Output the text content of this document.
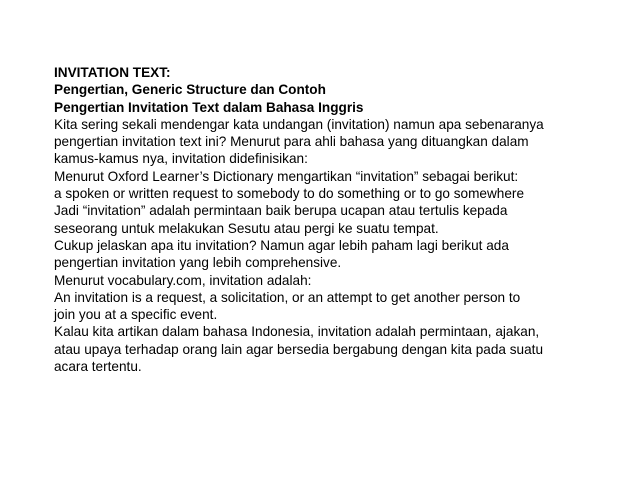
INVITATION TEXT:
Pengertian, Generic Structure dan Contoh
Pengertian Invitation Text dalam Bahasa Inggris
Kita sering sekali mendengar kata undangan (invitation) namun apa sebenaranya
pengertian invitation text ini? Menurut para ahli bahasa yang dituangkan dalam
kamus-kamus nya, invitation didefinisikan:
Menurut Oxford Learner’s Dictionary mengartikan “invitation” sebagai berikut:
a spoken or written request to somebody to do something or to go somewhere
Jadi “invitation” adalah permintaan baik berupa ucapan atau tertulis kepada
seseorang untuk melakukan Sesutu atau pergi ke suatu tempat.
Cukup jelaskan apa itu invitation? Namun agar lebih paham lagi berikut ada
pengertian invitation yang lebih comprehensive.
Menurut vocabulary.com, invitation adalah:
An invitation is a request, a solicitation, or an attempt to get another person to
join you at a specific event.
Kalau kita artikan dalam bahasa Indonesia, invitation adalah permintaan, ajakan,
atau upaya terhadap orang lain agar bersedia bergabung dengan kita pada suatu
acara tertentu.
